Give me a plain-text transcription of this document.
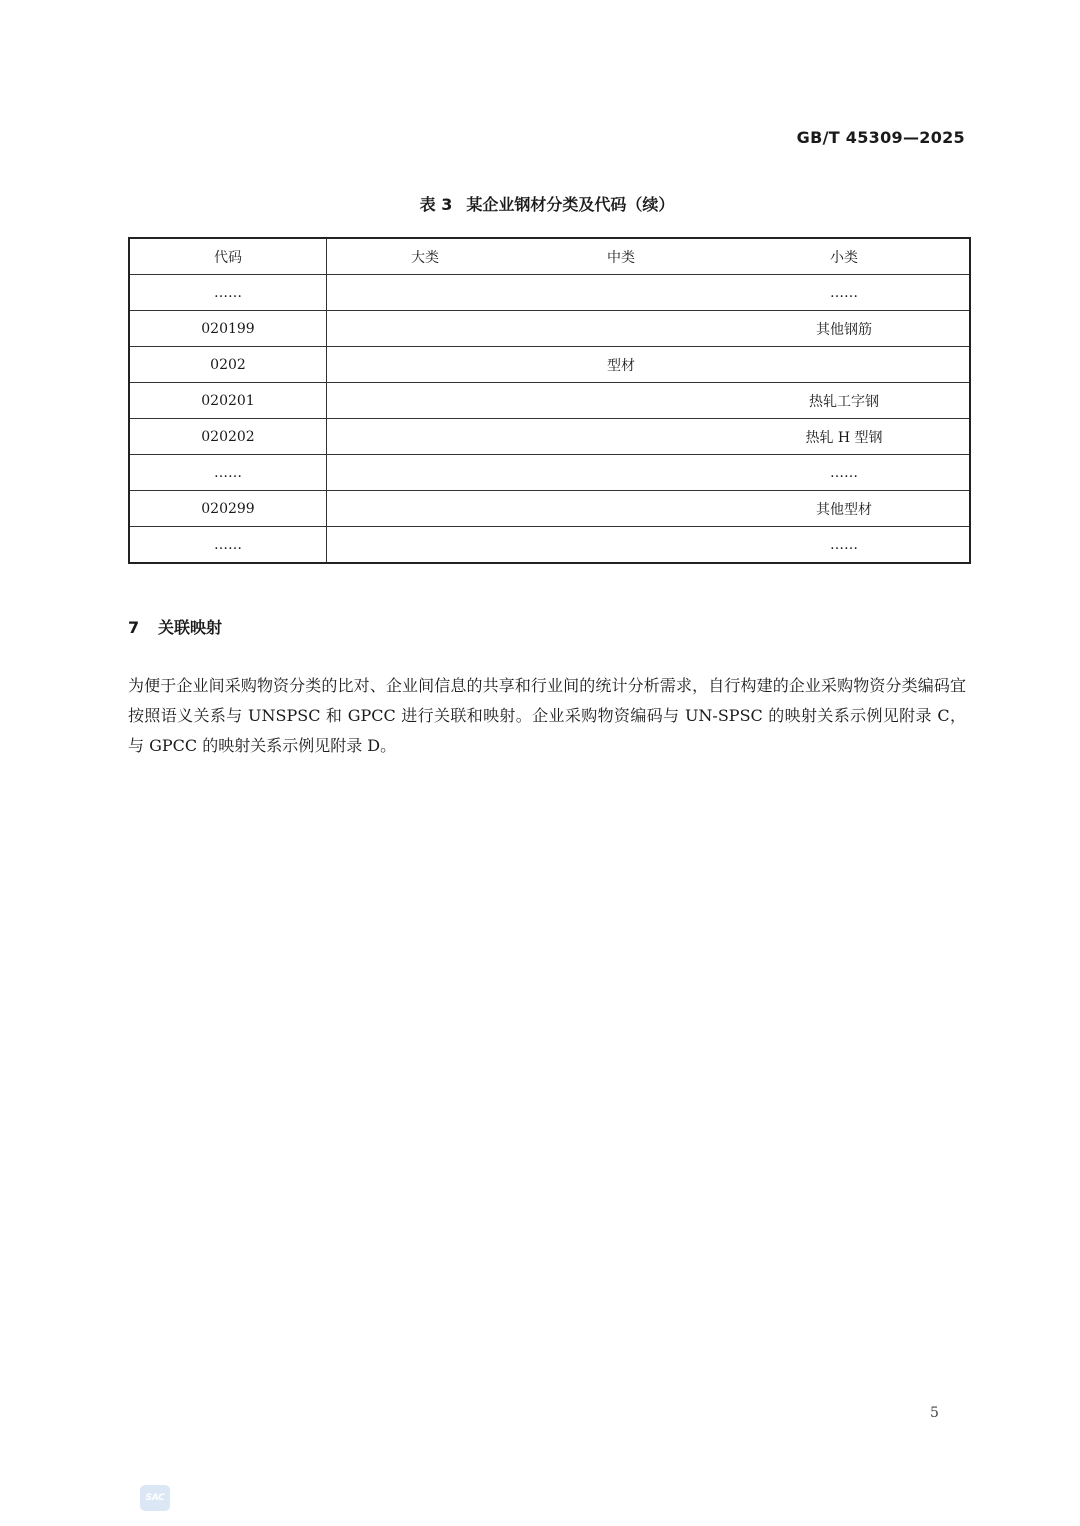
GB/T 45309—2025
表 3 某企业钢材分类及代码（续）
代码	大类	中类	小类
……			……
020199			其他钢筋
0202		型材	
020201			热轧工字钢
020202			热轧 H 型钢
……			……
020299			其他型材
……			……
7 关联映射

为便于企业间采购物资分类的比对、企业间信息的共享和行业间的统计分析需求，自行构建的企业采购物资分类编码宜按照语义关系与 UNSPSC 和 GPCC 进行关联和映射。企业采购物资编码与 UN-SPSC 的映射关系示例见附录 C，与 GPCC 的映射关系示例见附录 D。

5
SAC
